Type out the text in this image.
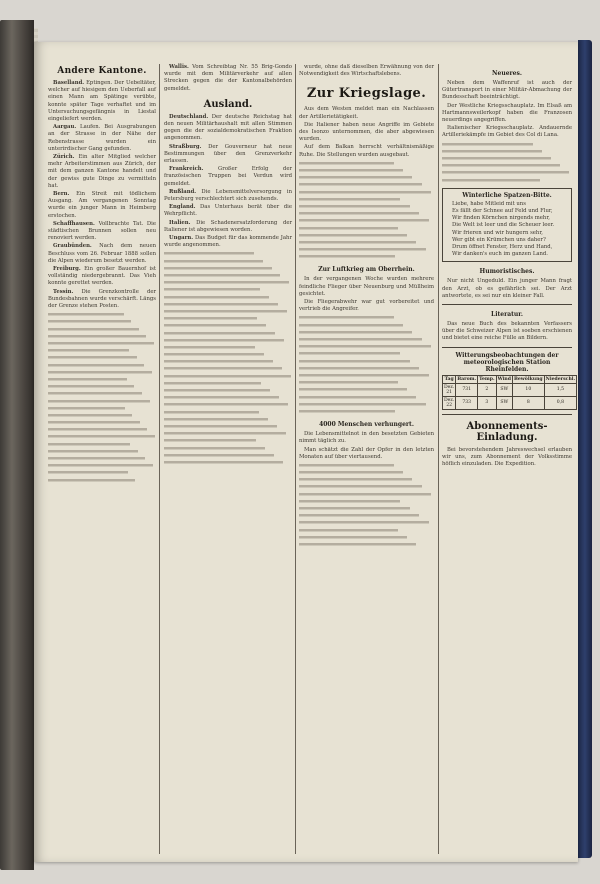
Andere Kantone.

Baselland. Eptingen. Der Uebeltäter, welcher auf hiesigem den Ueberfall auf einen Mann am Spätinge verübte, konnte später Tage verhaftet und im Untersuchungsgefängnis in Liestal eingeliefert werden.

Aargau. Laufen. Bei Ausgrabungen an der Strasse in der Nähe der Rebenstrasse wurden ein unterirdischer Gang gefunden.

Zürich. Ein alter Mitglied welcher mehr Arbeiterstimmen aus Zürich, der mit dem ganzen Kantone handelt und der gewiss gute Dinge zu vermitteln hat.

Bern. Ein Streit mit tödlichem Ausgang. Am vergangenen Sonntag wurde ein junger Mann in Heimberg erstochen.

Schaffhausen. Vollbrachte Tat. Die städtischen Brunnen sollen neu renoviert werden.

Graubünden. Nach dem neuen Beschluss vom 26. Februar 1888 sollen die Alpen wiederum besetzt werden.

Freiburg. Ein großer Bauernhof ist vollständig niedergebrannt. Das Vieh konnte gerettet werden.

Tessin. Die Grenzkontrolle der Bundesbahnen wurde verschärft. Längs der Grenze stehen Posten.

Wallis. Vom Schreibtag Nr. 55 Brig-Gondo wurde mit dem Militärverkehr auf allen Strecken gegen die der Kantonalbehörden gemeldet.

Ausland.

Deutschland. Der deutsche Reichstag hat den neuen Militärhaushalt mit allen Stimmen gegen die der sozialdemokratischen Fraktion angenommen.

Straßburg. Der Gouverneur hat neue Bestimmungen über den Grenzverkehr erlassen.

Frankreich. Großer Erfolg der französischen Truppen bei Verdun wird gemeldet.

Rußland. Die Lebensmittelversorgung in Petersburg verschlechtert sich zusehends.

England. Das Unterhaus berät über die Wehrpflicht.

Italien. Die Schadenersatzforderung der Italiener ist abgewiesen worden.

Ungarn. Das Budget für das kommende Jahr wurde angenommen.

wurde, ohne daß dieselben Erwähnung von der Notwendigkeit des Wirtschaftslebens.

Zur Kriegslage.

Aus dem Westen meldet man ein Nachlassen der Artillerietätigkeit.

Die Italiener haben neue Angriffe im Gebiete des Isonzo unternommen, die aber abgewiesen wurden.

Auf dem Balkan herrscht verhältnismäßige Ruhe. Die Stellungen wurden ausgebaut.

Zur Luftkrieg am Oberrhein.

In der vergangenen Woche wurden mehrere feindliche Flieger über Neuenburg und Müllheim gesichtet.

Die Fliegerabwehr war gut vorbereitet und vertrieb die Angreifer.

4000 Menschen verhungert.

Die Lebensmittelnot in den besetzten Gebieten nimmt täglich zu.

Man schätzt die Zahl der Opfer in den letzten Monaten auf über viertausend.

Neueres.

Neben dem Waffenruf ist auch der Gütertransport in einer Militär-Abmachung der Bundesschaft beeinträchtigt.

Der Westliche Kriegsschauplatz. Im Elsaß am Hartmannsweilerkopf haben die Franzosen neuerdings angegriffen.

Italienischer Kriegsschauplatz. Andauernde Artilleriekämpfe im Gebiet des Col di Lana.

Winterliche Spatzen-Bitte.
Liebe, habe Mitleid mit uns
Es fällt der Schnee auf Feld und Flur,
Wir finden Körnchen nirgends mehr,
Die Welt ist leer und die Scheuer leer.
Wir frieren und wir hungern sehr,
Wer gibt ein Krümchen uns daher?
Drum öffnet Fenster, Herz und Hand,
Wir danken's euch im ganzen Land.
Humoristisches.

Nur nicht Ungeduld. Ein junger Mann fragt den Arzt, ob es gefährlich sei. Der Arzt antwortete, es sei nur ein kleiner Fall.

Literatur.

Das neue Buch des bekannten Verfassers über die Schweizer Alpen ist soeben erschienen und bietet eine reiche Fülle an Bildern.

Witterungsbeobachtungen der meteorologischen Station Rheinfelden.
Tag	Barom.	Temp.	Wind	Bewölkung	Niederschl.
Dez. 21	731	2	SW	10	1,5
Dez. 22	733	3	SW	8	0,8
Abonnements-Einladung.

Bei bevorstehendem Jahreswechsel erlauben wir uns, zum Abonnement der Volksstimme höflich einzuladen. Die Expedition.
